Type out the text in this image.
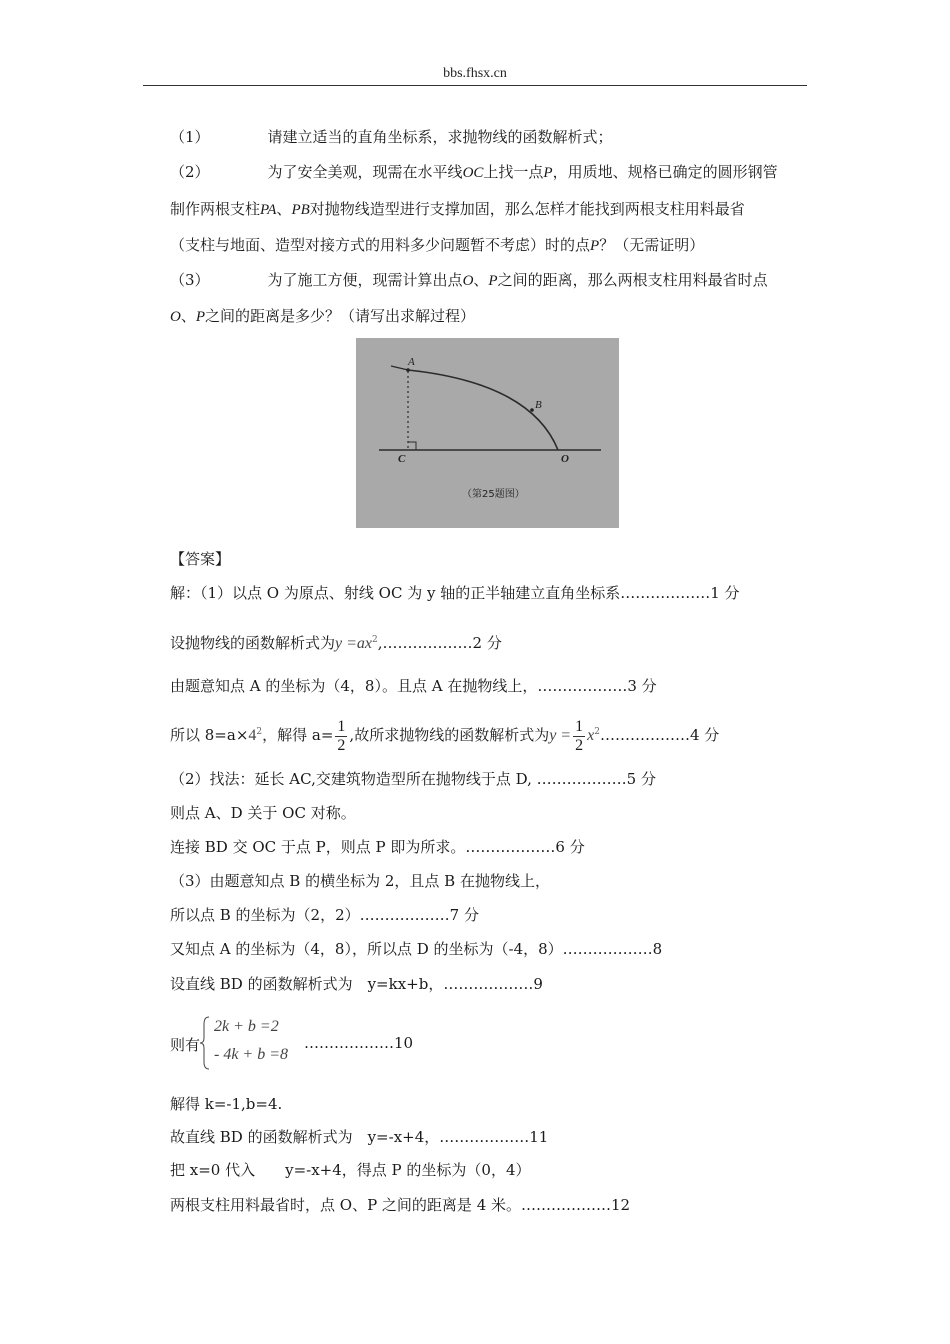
bbs.fhsx.cn
（1）	请建立适当的直角坐标系，求抛物线的函数解析式；
（2）	为了安全美观，现需在水平线OC上找一点P，用质地、规格已确定的圆形钢管
制作两根支柱PA、PB对抛物线造型进行支撑加固，那么怎样才能找到两根支柱用料最省
（支柱与地面、造型对接方式的用料多少问题暂不考虑）时的点P？（无需证明）
（3）	为了施工方便，现需计算出点O、P之间的距离，那么两根支柱用料最省时点
O、P之间的距离是多少？（请写出求解过程）
A
B
C	O
（第25题图）
【答案】
解：（1）以点 O 为原点、射线 OC 为 y 轴的正半轴建立直角坐标系………………1 分
设抛物线的函数解析式为$y =ax^2,\dots\dots\dots\dots\dots\dots 2$ 分
由题意知点 A 的坐标为（4，8）。且点 A 在抛物线上，………………3 分
所以 $8=a\times 4^2$，解得 $a= \frac{1}{2}$ ,故所求抛物线的函数解析式为$y = \frac{1}{2}$ $x^2\dots\dots\dots\dots\dots\dots 4$ 分
（2）找法：延长 AC,交建筑物造型所在抛物线于点 D, ………………5 分
则点 A、D 关于 OC 对称。
连接 BD 交 OC 于点 P，则点 P 即为所求。………………6 分
（3）由题意知点 B 的横坐标为 2，且点 B 在抛物线上，
所以点 B 的坐标为（2，2）………………7 分
又知点 A 的坐标为（4，8），所以点 D 的坐标为（-4，8）………………8
设直线 BD 的函数解析式为　y=kx+b，………………9
则有
2k + b =2
- 4k + b =8
………………10
解得 k=-1,b=4.
故直线 BD 的函数解析式为　y=-x+4，………………11
把 x=0 代入　　y=-x+4，得点 P 的坐标为（0，4）
两根支柱用料最省时，点 O、P 之间的距离是 4 米。………………12
